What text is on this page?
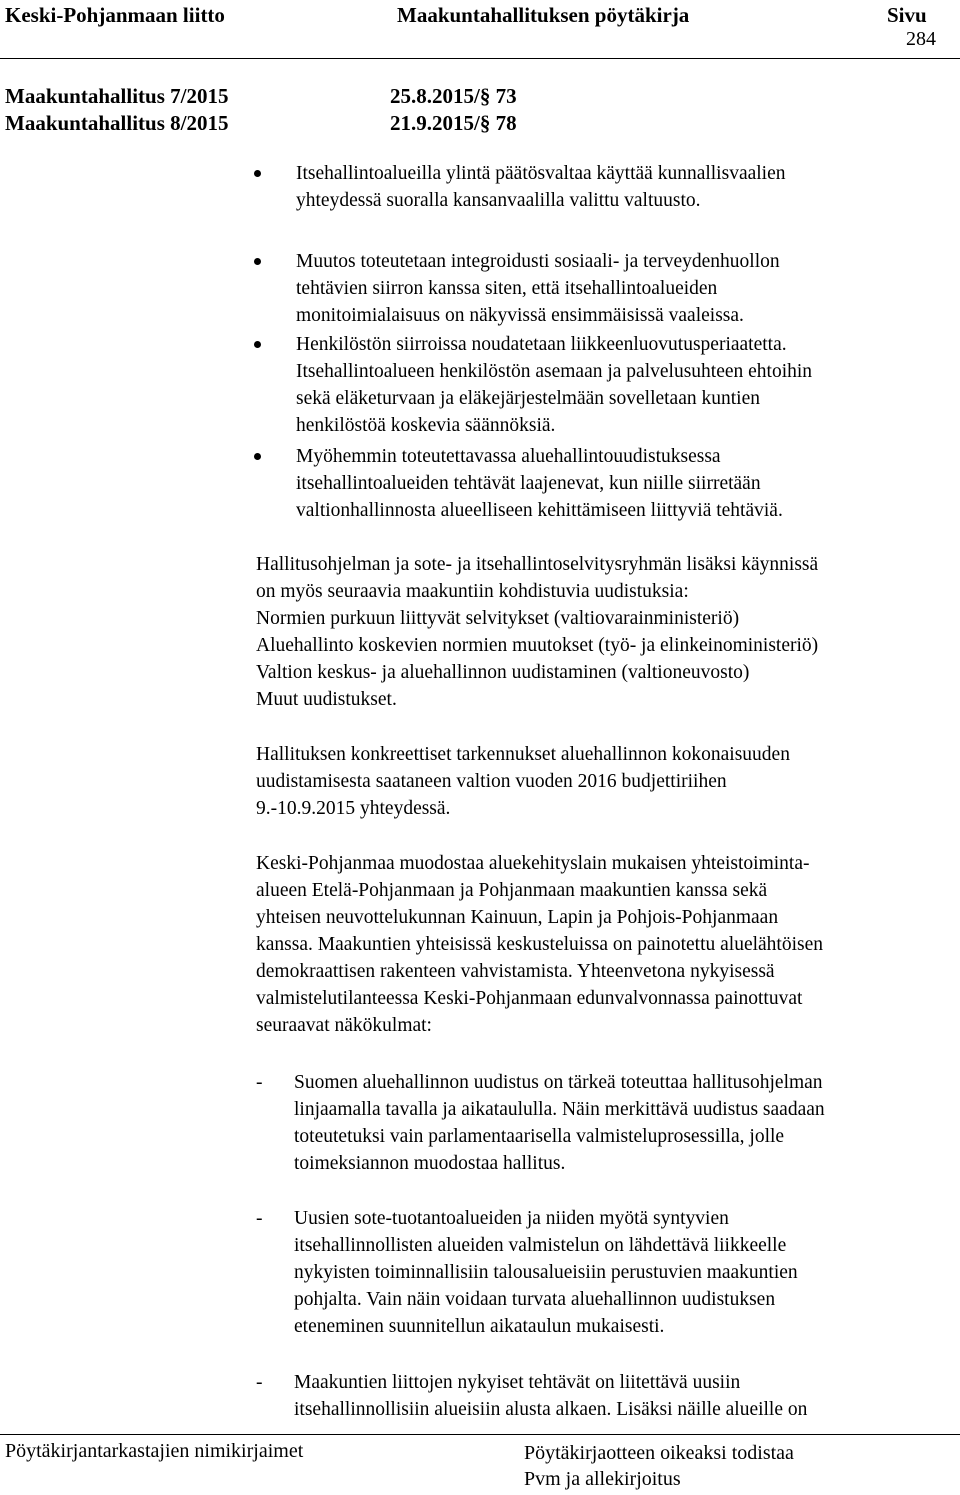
Keski-Pohjanmaan liitto	Maakuntahallituksen pöytäkirja	Sivu
284
Maakuntahallitus 7/2015	25.8.2015/§ 73
Maakuntahallitus 8/2015	21.9.2015/§ 78
Itsehallintoalueilla ylintä päätösvaltaa käyttää kunnallisvaalien
yhteydessä suoralla kansanvaalilla valittu valtuusto.
Muutos toteutetaan integroidusti sosiaali- ja terveydenhuollon
tehtävien siirron kanssa siten, että itsehallintoalueiden
monitoimialaisuus on näkyvissä ensimmäisissä vaaleissa.
Henkilöstön siirroissa noudatetaan liikkeenluovutusperiaatetta.
Itsehallintoalueen henkilöstön asemaan ja palvelusuhteen ehtoihin
sekä eläketurvaan ja eläkejärjestelmään sovelletaan kuntien
henkilöstöä koskevia säännöksiä.
Myöhemmin toteutettavassa aluehallintouudistuksessa
itsehallintoalueiden tehtävät laajenevat, kun niille siirretään
valtionhallinnosta alueelliseen kehittämiseen liittyviä tehtäviä.
Hallitusohjelman ja sote- ja itsehallintoselvitysryhmän lisäksi käynnissä
on myös seuraavia maakuntiin kohdistuvia uudistuksia:
Normien purkuun liittyvät selvitykset (valtiovarainministeriö)
Aluehallinto koskevien normien muutokset (työ- ja elinkeinoministeriö)
Valtion keskus- ja aluehallinnon uudistaminen (valtioneuvosto)
Muut uudistukset.
Hallituksen konkreettiset tarkennukset aluehallinnon kokonaisuuden
uudistamisesta saataneen valtion vuoden 2016 budjettiriihen
9.-10.9.2015 yhteydessä.
Keski-Pohjanmaa muodostaa aluekehityslain mukaisen yhteistoiminta-
alueen Etelä-Pohjanmaan ja Pohjanmaan maakuntien kanssa sekä
yhteisen neuvottelukunnan Kainuun, Lapin ja Pohjois-Pohjanmaan
kanssa. Maakuntien yhteisissä keskusteluissa on painotettu aluelähtöisen
demokraattisen rakenteen vahvistamista. Yhteenvetona nykyisessä
valmistelutilanteessa Keski-Pohjanmaan edunvalvonnassa painottuvat
seuraavat näkökulmat:
- Suomen aluehallinnon uudistus on tärkeä toteuttaa hallitusohjelman
linjaamalla tavalla ja aikataululla. Näin merkittävä uudistus saadaan
toteutetuksi vain parlamentaarisella valmisteluprosessilla, jolle
toimeksiannon muodostaa hallitus.
- Uusien sote-tuotantoalueiden ja niiden myötä syntyvien
itsehallinnollisten alueiden valmistelun on lähdettävä liikkeelle
nykyisten toiminnallisiin talousalueisiin perustuvien maakuntien
pohjalta. Vain näin voidaan turvata aluehallinnon uudistuksen
eteneminen suunnitellun aikataulun mukaisesti.
- Maakuntien liittojen nykyiset tehtävät on liitettävä uusiin
itsehallinnollisiin alueisiin alusta alkaen. Lisäksi näille alueille on
Pöytäkirjantarkastajien nimikirjaimet	Pöytäkirjaotteen oikeaksi todistaa
Pvm ja allekirjoitus
